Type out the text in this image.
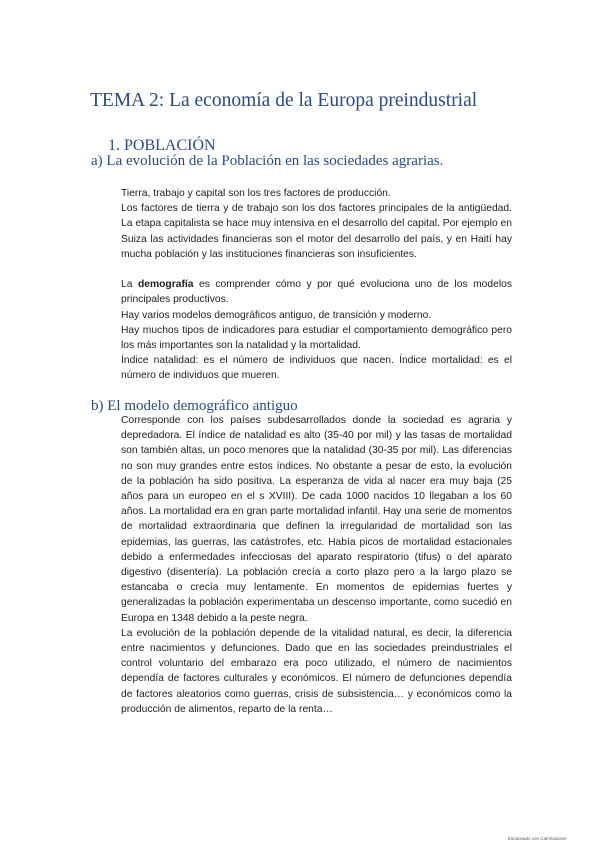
TEMA 2: La economía de la Europa preindustrial
1. POBLACIÓN
a) La evolución de la Población en las sociedades agrarias.

Tierra, trabajo y capital son los tres factores de producción.

Los factores de tierra y de trabajo son los dos factores principales de la antigüedad. La etapa capitalista se hace muy intensiva en el desarrollo del capital. Por ejemplo en Suiza las actividades financieras son el motor del desarrollo del país, y en Haití hay mucha población y las instituciones financieras son insuficientes.

La demografía es comprender cómo y por qué evoluciona uno de los modelos principales productivos.

Hay varios modelos demográficos antiguo, de transición y moderno.

Hay muchos tipos de indicadores para estudiar el comportamiento demográfico pero los más importantes son la natalidad y la mortalidad.

Índice natalidad: es el número de individuos que nacen. Índice mortalidad: es el número de individuos que mueren.

b) El modelo demográfico antiguo

Corresponde con los países subdesarrollados donde la sociedad es agraria y depredadora. El índice de natalidad es alto (35-40 por mil) y las tasas de mortalidad son también altas, un poco menores que la natalidad (30-35 por mil). Las diferencias no son muy grandes entre estos índices. No obstante a pesar de esto, la evolución de la población ha sido positiva. La esperanza de vida al nacer era muy baja (25 años para un europeo en el s XVIII). De cada 1000 nacidos 10 llegaban a los 60 años. La mortalidad era en gran parte mortalidad infantil. Hay una serie de momentos de mortalidad extraordinaria que definen la irregularidad de mortalidad son las epidemias, las guerras, las catástrofes, etc. Había picos de mortalidad estacionales debido a enfermedades infecciosas del aparato respiratorio (tifus) o del aparato digestivo (disentería). La población crecía a corto plazo pero a la largo plazo se estancaba o crecía muy lentamente. En momentos de epidemias fuertes y generalizadas la población experimentaba un descenso importante, como sucedió en Europa en 1348 debido a la peste negra.

La evolución de la población depende de la vitalidad natural, es decir, la diferencia entre nacimientos y defunciones. Dado que en las sociedades preindustriales el control voluntario del embarazo era poco utilizado, el número de nacimientos dependía de factores culturales y económicos. El número de defunciones dependía de factores aleatorios como guerras, crisis de subsistencia… y económicos como la producción de alimentos, reparto de la renta…

Escaneado con CamScanner
